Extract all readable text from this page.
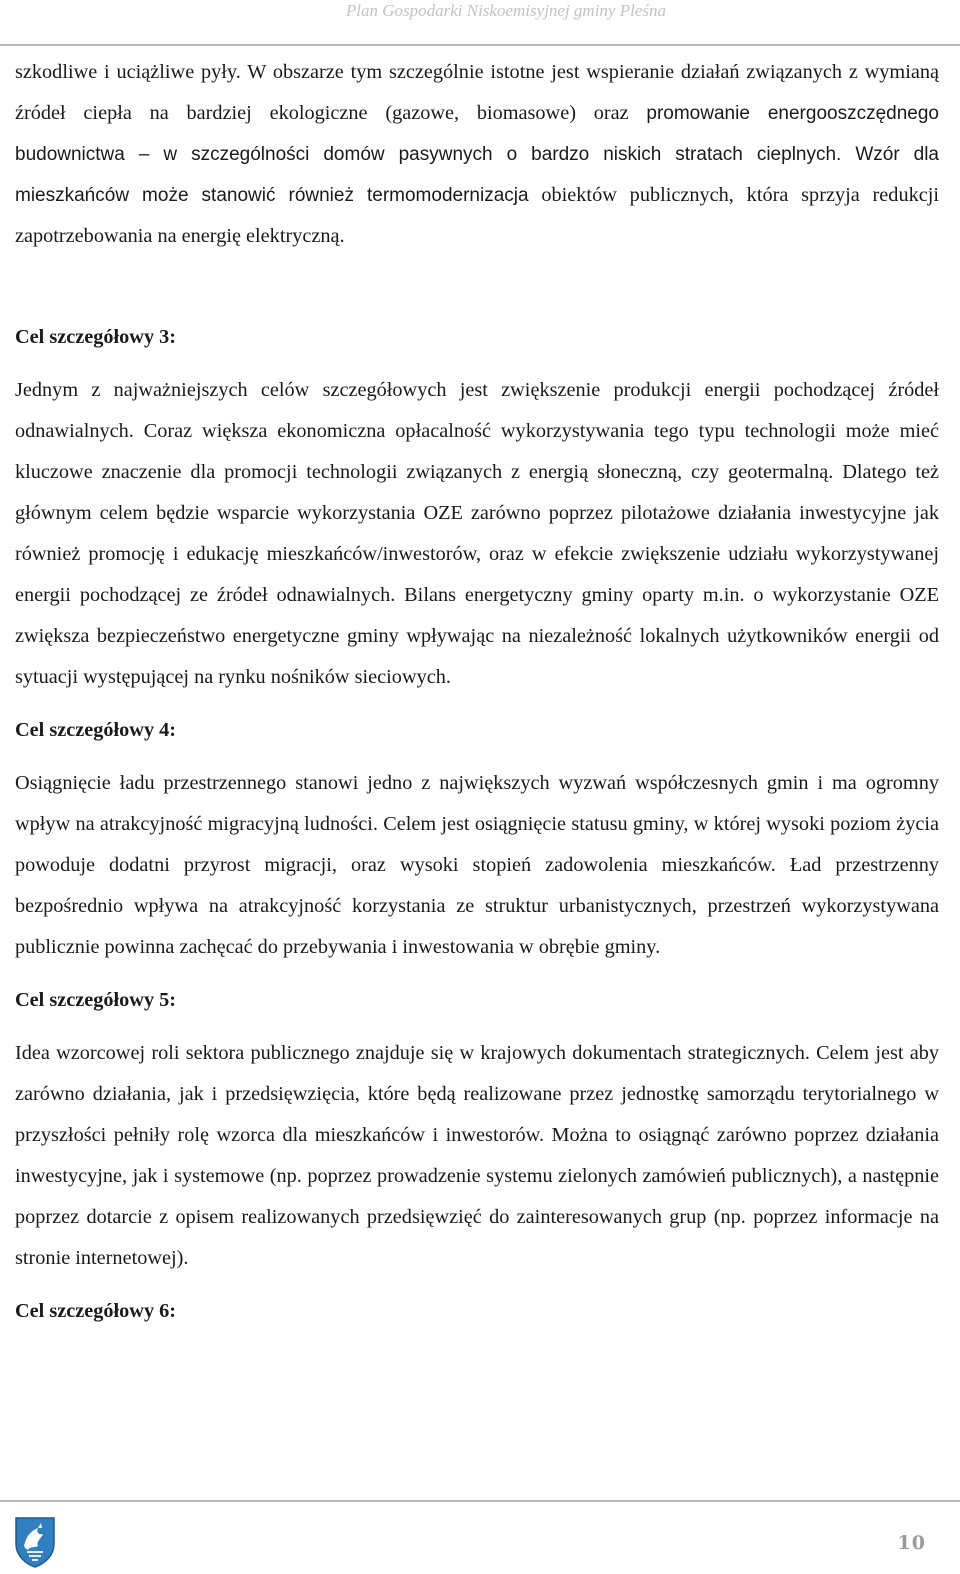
Plan Gospodarki Niskoemisyjnej gminy Pleśna

szkodliwe i uciążliwe pyły. W obszarze tym szczególnie istotne jest wspieranie działań związanych z wymianą źródeł ciepła na bardziej ekologiczne (gazowe, biomasowe) oraz promowanie energooszczędnego budownictwa – w szczególności domów pasywnych o bardzo niskich stratach cieplnych. Wzór dla mieszkańców może stanowić również termomodernizacja obiektów publicznych, która sprzyja redukcji zapotrzebowania na energię elektryczną.

Cel szczegółowy 3:

Jednym z najważniejszych celów szczegółowych jest zwiększenie produkcji energii pochodzącej źródeł odnawialnych. Coraz większa ekonomiczna opłacalność wykorzystywania tego typu technologii może mieć kluczowe znaczenie dla promocji technologii związanych z energią słoneczną, czy geotermalną. Dlatego też głównym celem będzie wsparcie wykorzystania OZE zarówno poprzez pilotażowe działania inwestycyjne jak również promocję i edukację mieszkańców/inwestorów, oraz w efekcie zwiększenie udziału wykorzystywanej energii pochodzącej ze źródeł odnawialnych. Bilans energetyczny gminy oparty m.in. o wykorzystanie OZE zwiększa bezpieczeństwo energetyczne gminy wpływając na niezależność lokalnych użytkowników energii od sytuacji występującej na rynku nośników sieciowych.

Cel szczegółowy 4:

Osiągnięcie ładu przestrzennego stanowi jedno z największych wyzwań współczesnych gmin i ma ogromny wpływ na atrakcyjność migracyjną ludności. Celem jest osiągnięcie statusu gminy, w której wysoki poziom życia powoduje dodatni przyrost migracji, oraz wysoki stopień zadowolenia mieszkańców. Ład przestrzenny bezpośrednio wpływa na atrakcyjność korzystania ze struktur urbanistycznych, przestrzeń wykorzystywana publicznie powinna zachęcać do przebywania i inwestowania w obrębie gminy.

Cel szczegółowy 5:

Idea wzorcowej roli sektora publicznego znajduje się w krajowych dokumentach strategicznych. Celem jest aby zarówno działania, jak i przedsięwzięcia, które będą realizowane przez jednostkę samorządu terytorialnego w przyszłości pełniły rolę wzorca dla mieszkańców i inwestorów. Można to osiągnąć zarówno poprzez działania inwestycyjne, jak i systemowe (np. poprzez prowadzenie systemu zielonych zamówień publicznych), a następnie poprzez dotarcie z opisem realizowanych przedsięwzięć do zainteresowanych grup (np. poprzez informacje na stronie internetowej).

Cel szczegółowy 6:

10
